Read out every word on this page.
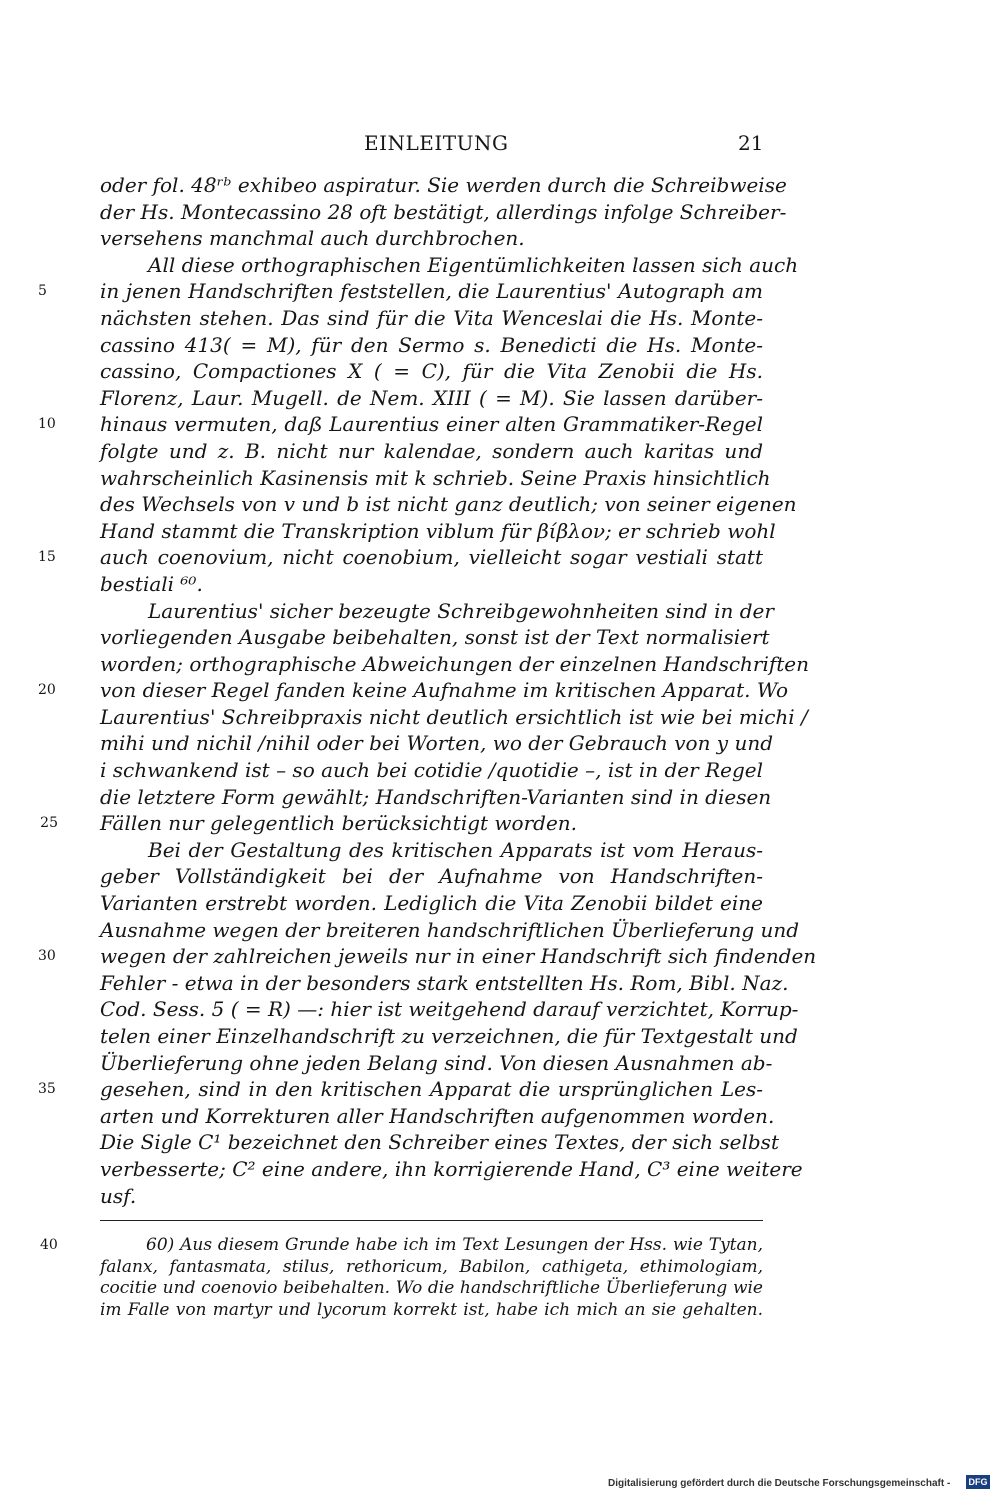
EINLEITUNG	21
oder fol. 48ʳᵇ exhibeo aspiratur. Sie werden durch die Schreibweise
der Hs. Montecassino 28 oft bestätigt, allerdings infolge Schreiber-
versehens manchmal auch durchbrochen.
All diese orthographischen Eigentümlichkeiten lassen sich auch
5	in jenen Handschriften feststellen, die Laurentius' Autograph am
nächsten stehen. Das sind für die Vita Wenceslai die Hs. Monte-
cassino 413( = M), für den Sermo s. Benedicti die Hs. Monte-
cassino, Compactiones X ( = C), für die Vita Zenobii die Hs.
Florenz, Laur. Mugell. de Nem. XIII ( = M). Sie lassen darüber-
10 hinaus vermuten, daß Laurentius einer alten Grammatiker-Regel
folgte und z. B. nicht nur kalendae, sondern auch karitas und
wahrscheinlich Kasinensis mit k schrieb. Seine Praxis hinsichtlich
des Wechsels von v und b ist nicht ganz deutlich; von seiner eigenen
Hand stammt die Transkription viblum für βίβλον; er schrieb wohl
15 auch coenovium, nicht coenobium, vielleicht sogar vestiali statt
bestiali ⁶⁰.
Laurentius' sicher bezeugte Schreibgewohnheiten sind in der
vorliegenden Ausgabe beibehalten, sonst ist der Text normalisiert
worden; orthographische Abweichungen der einzelnen Handschriften
20 von dieser Regel fanden keine Aufnahme im kritischen Apparat. Wo
Laurentius' Schreibpraxis nicht deutlich ersichtlich ist wie bei michi /
mihi und nichil /nihil oder bei Worten, wo der Gebrauch von y und
i schwankend ist – so auch bei cotidie /quotidie –, ist in der Regel
die letztere Form gewählt; Handschriften-Varianten sind in diesen
25 Fällen nur gelegentlich berücksichtigt worden.
Bei der Gestaltung des kritischen Apparats ist vom Heraus-
geber Vollständigkeit bei der Aufnahme von Handschriften-
Varianten erstrebt worden. Lediglich die Vita Zenobii bildet eine
Ausnahme wegen der breiteren handschriftlichen Überlieferung und
30 wegen der zahlreichen jeweils nur in einer Handschrift sich findenden
Fehler - etwa in der besonders stark entstellten Hs. Rom, Bibl. Naz.
Cod. Sess. 5 ( = R) —: hier ist weitgehend darauf verzichtet, Korrup-
telen einer Einzelhandschrift zu verzeichnen, die für Textgestalt und
Überlieferung ohne jeden Belang sind. Von diesen Ausnahmen ab-
35 gesehen, sind in den kritischen Apparat die ursprünglichen Les-
arten und Korrekturen aller Handschriften aufgenommen worden.
Die Sigle C¹ bezeichnet den Schreiber eines Textes, der sich selbst
verbesserte; C² eine andere, ihn korrigierende Hand, C³ eine weitere
usf.
40	60) Aus diesem Grunde habe ich im Text Lesungen der Hss. wie Tytan,
falanx, fantasmata, stilus, rethoricum, Babilon, cathigeta, ethimologiam,
cocitie und coenovio beibehalten. Wo die handschriftliche Überlieferung wie
im Falle von martyr und lycorum korrekt ist, habe ich mich an sie gehalten.
Digitalisierung gefördert durch die Deutsche Forschungsgemeinschaft - DFG
